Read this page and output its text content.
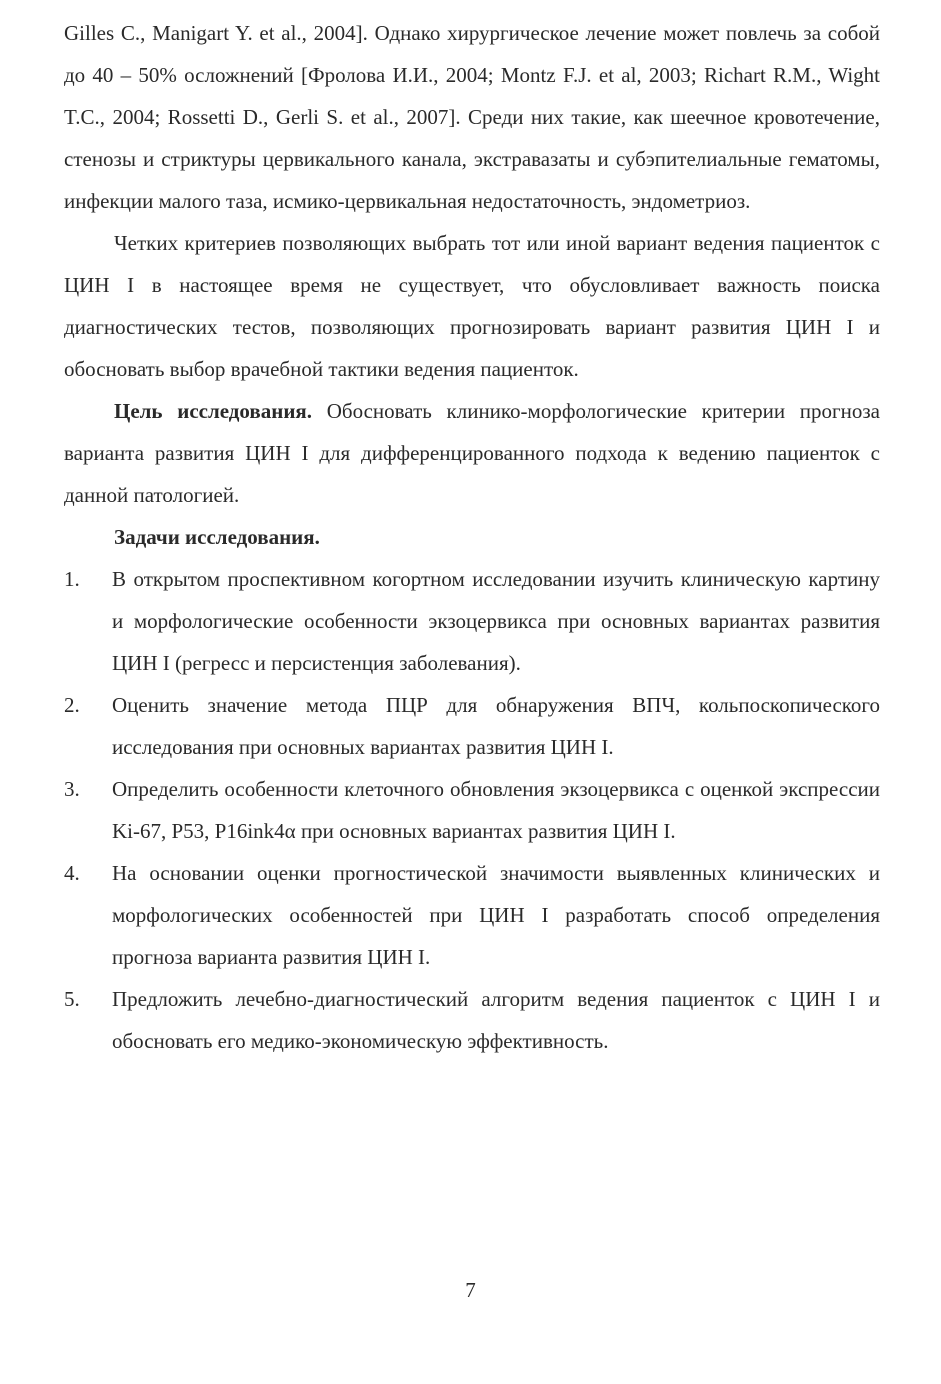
Gilles C., Manigart Y. et al., 2004]. Однако хирургическое лечение может повлечь за собой до 40 – 50% осложнений [Фролова И.И., 2004; Montz F.J. et al, 2003; Richart R.M., Wight T.C., 2004; Rossetti D., Gerli S. et al., 2007]. Среди них такие, как шеечное кровотечение, стенозы и стриктуры цервикального канала, экстравазаты и субэпителиальные гематомы, инфекции малого таза, исмико-цервикальная недостаточность, эндометриоз.

Четких критериев позволяющих выбрать тот или иной вариант ведения пациенток с ЦИН I в настоящее время не существует, что обусловливает важность поиска диагностических тестов, позволяющих прогнозировать вариант развития ЦИН I и обосновать выбор врачебной тактики ведения пациенток.

Цель исследования. Обосновать клинико-морфологические критерии прогноза варианта развития ЦИН I для дифференцированного подхода к ведению пациенток с данной патологией.

Задачи исследования.

1.	В открытом проспективном когортном исследовании изучить клиническую картину и морфологические особенности экзоцервикса при основных вариантах развития ЦИН I (регресс и персистенция заболевания).
2.	Оценить значение метода ПЦР для обнаружения ВПЧ, кольпоскопического исследования при основных вариантах развития ЦИН I.
3.	Определить особенности клеточного обновления экзоцервикса с оценкой экспрессии Ki-67, P53, P16ink4α при основных вариантах развития ЦИН I.
4.	На основании оценки прогностической значимости выявленных клинических и морфологических особенностей при ЦИН I разработать способ определения прогноза варианта развития ЦИН I.
5.	Предложить лечебно-диагностический алгоритм ведения пациенток с ЦИН I и обосновать его медико-экономическую эффективность.
7
